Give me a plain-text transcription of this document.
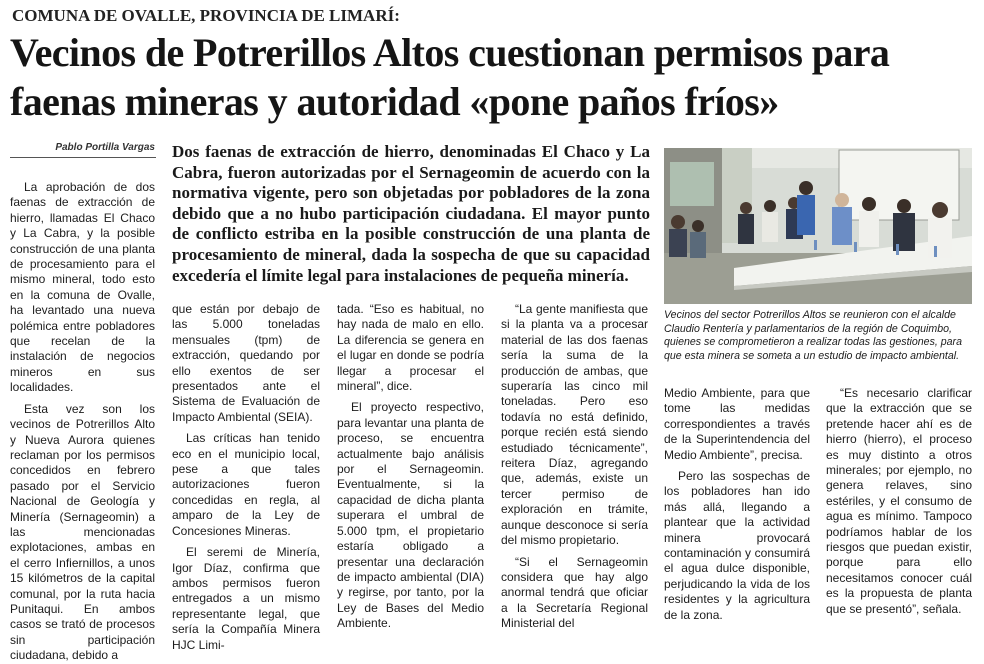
COMUNA DE OVALLE, PROVINCIA DE LIMARÍ:
Vecinos de Potrerillos Altos cuestionan permisos para faenas mineras y autoridad «pone paños fríos»
Pablo Portilla Vargas Dos faenas de extracción de hierro, denominadas El Chaco y La Cabra, fueron autorizadas por el Sernageomin de acuerdo con la normativa vigente, pero son objetadas por pobladores de la zona debido que a no hubo participación ciudadana. El mayor punto de conflicto estriba en la posible construcción de una planta de procesamiento de mineral, dada la sospecha de que su capacidad excedería el límite legal para instalaciones de pequeña minería.

La aprobación de dos faenas de extracción de hierro, llamadas El Chaco y La Cabra, y la posible construcción de una planta de procesamiento para el mismo mineral, todo esto en la comuna de Ovalle, ha levantado una nueva polémica entre pobladores que recelan de la instalación de negocios mineros en sus localidades.

Esta vez son los vecinos de Potrerillos Alto y Nueva Aurora quienes reclaman por los permisos concedidos en febrero pasado por el Servicio Nacional de Geología y Minería (Sernageomin) a las mencionadas explotaciones, ambas en el cerro Infiernillos, a unos 15 kilómetros de la capital comunal, por la ruta hacia Punitaqui. En ambos casos se trató de procesos sin participación ciudadana, debido a

que están por debajo de las 5.000 toneladas mensuales (tpm) de extracción, quedando por ello exentos de ser presentados ante el Sistema de Evaluación de Impacto Ambiental (SEIA).

Las críticas han tenido eco en el municipio local, pese a que tales autorizaciones fueron concedidas en regla, al amparo de la Ley de Concesiones Mineras.

El seremi de Minería, Igor Díaz, confirma que ambos permisos fueron entregados a un mismo representante legal, que sería la Compañía Minera HJC Limi-

tada. “Eso es habitual, no hay nada de malo en ello. La diferencia se genera en el lugar en donde se podría llegar a procesar el mineral”, dice.

El proyecto respectivo, para levantar una planta de proceso, se encuentra actualmente bajo análisis por el Sernageomin. Eventualmente, si la capacidad de dicha planta superara el umbral de 5.000 tpm, el propietario estaría obligado a presentar una declaración de impacto ambiental (DIA) y regirse, por tanto, por la Ley de Bases del Medio Ambiente.

“La gente manifiesta que si la planta va a procesar material de las dos faenas sería la suma de la producción de ambas, que superaría las cinco mil toneladas. Pero eso todavía no está definido, porque recién está siendo estudiado técnicamente”, reitera Díaz, agregando que, además, existe un tercer permiso de exploración en trámite, aunque desconoce si sería del mismo propietario.

“Si el Sernageomin considera que hay algo anormal tendrá que oficiar a la Secretaría Regional Ministerial del

Medio Ambiente, para que tome las medidas correspondientes a través de la Superintendencia del Medio Ambiente”, precisa.

Pero las sospechas de los pobladores han ido más allá, llegando a plantear que la actividad minera provocará contaminación y consumirá el agua dulce disponible, perjudicando la vida de los residentes y la agricultura de la zona.

“Es necesario clarificar que la extracción que se pretende hacer ahí es de hierro (hierro), el proceso es muy distinto a otros minerales; por ejemplo, no genera relaves, sino estériles, y el consumo de agua es mínimo. Tampoco podríamos hablar de los riesgos que puedan existir, porque para ello necesitamos conocer cuál es la propuesta de planta que se presentó”, señala.

Vecinos del sector Potrerillos Altos se reunieron con el alcalde Claudio Rentería y parlamentarios de la región de Coquimbo, quienes se comprometieron a realizar todas las gestiones, para que esta minera se someta a un estudio de impacto ambiental.
